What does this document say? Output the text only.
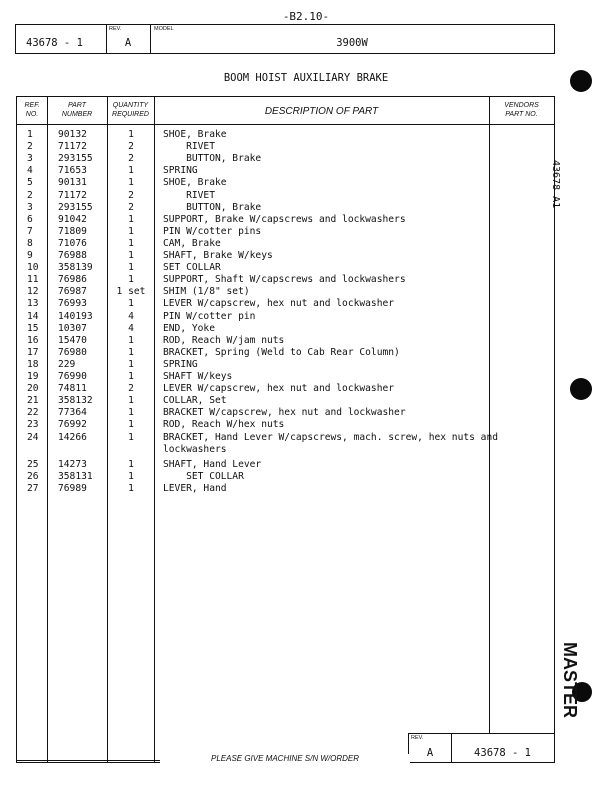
-B2.10-
REV.	MODEL
43678 - 1	A	3900W
BOOM HOIST AUXILIARY BRAKE
REF.
NO.
PART
NUMBER
QUANTITY
REQUIRED	DESCRIPTION OF PART
VENDORS
PART NO.
1	90132	1	SHOE, Brake
2	71172	2	RIVET
3	293155	2	BUTTON, Brake
4	71653	1	SPRING
5	90131	1	SHOE, Brake
2	71172	2	RIVET
3	293155	2	BUTTON, Brake
6	91042	1	SUPPORT, Brake W/capscrews and lockwashers
7	71809	1	PIN W/cotter pins
8	71076	1	CAM, Brake
9	76988	1	SHAFT, Brake W/keys
10	358139	1	SET COLLAR
11	76986	1	SUPPORT, Shaft W/capscrews and lockwashers
12	76987	1 set	SHIM (1/8" set)
13	76993	1	LEVER W/capscrew, hex nut and lockwasher
14	140193	4	PIN W/cotter pin
15	10307	4	END, Yoke
16	15470	1	ROD, Reach W/jam nuts
17	76980	1	BRACKET, Spring (Weld to Cab Rear Column)
18	229	1	SPRING
19	76990	1	SHAFT W/keys
20	74811	2	LEVER W/capscrew, hex nut and lockwasher
21	358132	1	COLLAR, Set
22	77364	1	BRACKET W/capscrew, hex nut and lockwasher
23	76992	1	ROD, Reach W/hex nuts
24	14266	1	BRACKET, Hand Lever W/capscrews, mach. screw, hex nuts and
lockwashers
25	14273	1	SHAFT, Hand Lever
26	358131	1	SET COLLAR
27	76989	1	LEVER, Hand
REV.
A	43678 - 1
PLEASE GIVE MACHINE S/N W/ORDER
43678 A1
MASTER
